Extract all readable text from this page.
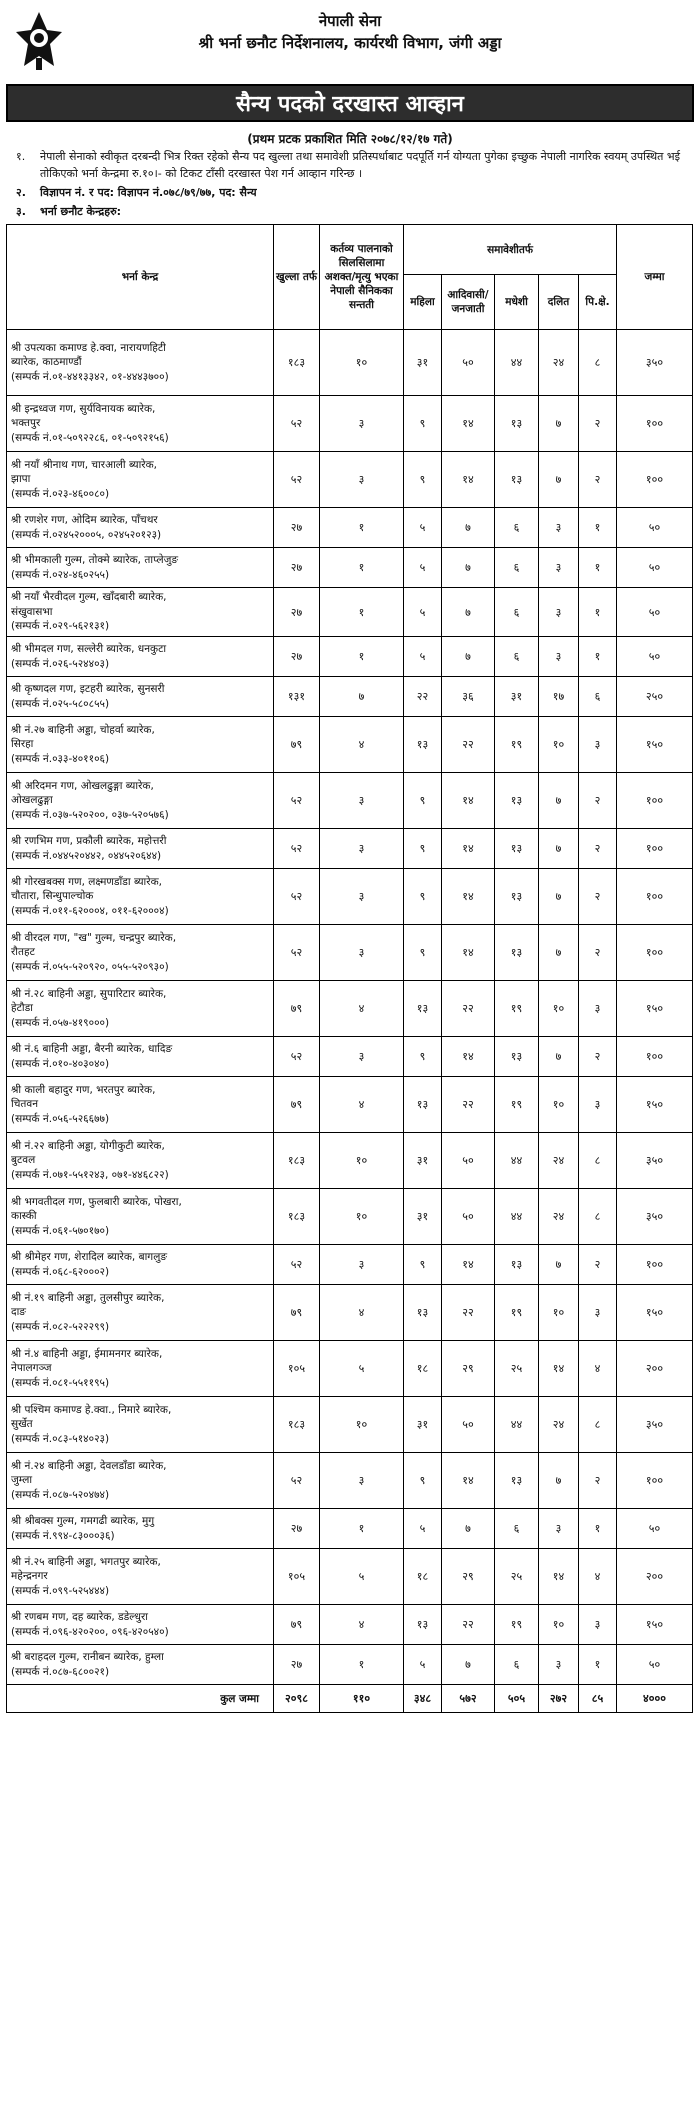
नेपाली सेना
श्री भर्ना छनौट निर्देशनालय, कार्यरथी विभाग, जंगी अड्डा
सैन्य पदको दरखास्त आव्हान
(प्रथम प्रटक प्रकाशित मिति २०७८/१२/१७ गते)
१. नेपाली सेनाको स्वीकृत दरबन्दी भित्र रिक्त रहेको सैन्य पद खुल्ला तथा समावेशी प्रतिस्पर्धाबाट पदपूर्ति गर्न योग्यता पुगेका इच्छुक नेपाली नागरिक स्वयम् उपस्थित भई तोकिएको भर्ना केन्द्रमा रु.१०।- को टिकट टाँसी दरखास्त पेश गर्न आव्हान गरिन्छ ।
२. विज्ञापन नं. र पद: विज्ञापन नं.०७८/७९/७७, पद: सैन्य
३. भर्ना छनौट केन्द्रहरु:
भर्ना केन्द्र	खुल्ला तर्फ	कर्तव्य पालनाको सिलसिलामा अशक्त/मृत्यु भएका नेपाली सैनिकका सन्तती	समावेशीतर्फ					जम्मा
			महिला	आदिवासी/ जनजाती	मधेशी	दलित	पि.क्षे.	

श्री उपत्यका कमाण्ड हे.क्वा, नारायणहिटी
ब्यारेक, काठमाण्डौं
(सम्पर्क नं.०१-४४१३३४२, ०१-४४४३७००)	१८३	१०	३१	५०	४४	२४	८	३५०

श्री इन्द्रध्वज गण, सुर्यविनायक ब्यारेक,
भक्तपुर
(सम्पर्क नं.०१-५०९२२८६, ०१-५०९२१५६)	५२	३	९	१४	१३	७	२	१००

श्री नयाँ श्रीनाथ गण, चारआली ब्यारेक,
झापा
(सम्पर्क नं.०२३-४६००८०)	५२	३	९	१४	१३	७	२	१००

श्री रणशेर गण, ओदिम ब्यारेक, पाँचथर
(सम्पर्क नं.०२४५२०००५, ०२४५२०१२३)	२७	१	५	७	६	३	१	५०

श्री भीमकाली गुल्म, तोक्मे ब्यारेक, ताप्लेजुङ
(सम्पर्क नं.०२४-४६०२५५)	२७	१	५	७	६	३	१	५०

श्री नयाँ भैरवीदल गुल्म, खाँदबारी ब्यारेक,
संखुवासभा
(सम्पर्क नं.०२९-५६२१३१)	२७	१	५	७	६	३	१	५०

श्री भीमदल गण, सल्लेरी ब्यारेक, धनकुटा
(सम्पर्क नं.०२६-५२४४०३)	२७	१	५	७	६	३	१	५०

श्री कृष्णदल गण, इटहरी ब्यारेक, सुनसरी
(सम्पर्क नं.०२५-५८०८५५)	१३१	७	२२	३६	३१	१७	६	२५०

श्री नं.२७ बाहिनी अड्डा, चोहर्वा ब्यारेक,
सिरहा
(सम्पर्क नं.०३३-४०११०६)	७९	४	१३	२२	१९	१०	३	१५०

श्री अरिदमन गण, ओखलढुङ्गा ब्यारेक,
ओखलढुङ्गा
(सम्पर्क नं.०३७-५२०२००, ०३७-५२०५७६)	५२	३	९	१४	१३	७	२	१००

श्री रणभिम गण, प्रकौली ब्यारेक, महोत्तरी
(सम्पर्क नं.०४४५२०४४२, ०४४५२०६४४)	५२	३	९	१४	१३	७	२	१००

श्री गोरखबक्स गण, लक्ष्मणडाँडा ब्यारेक,
चौतारा, सिन्धुपाल्चोक
(सम्पर्क नं.०११-६२०००४, ०११-६२०००४)	५२	३	९	१४	१३	७	२	१००

श्री वीरदल गण, "ख" गुल्म, चन्द्रपुर ब्यारेक,
रौतहट
(सम्पर्क नं.०५५-५२०९२०, ०५५-५२०९३०)	५२	३	९	१४	१३	७	२	१००

श्री नं.२८ बाहिनी अड्डा, सुपारिटार ब्यारेक,
हेटौडा
(सम्पर्क नं.०५७-४१९०००)	७९	४	१३	२२	१९	१०	३	१५०

श्री नं.६ बाहिनी अड्डा, बैरनी ब्यारेक, धादिङ
(सम्पर्क नं.०१०-४०३०४०)	५२	३	९	१४	१३	७	२	१००

श्री काली बहादुर गण, भरतपुर ब्यारेक,
चितवन
(सम्पर्क नं.०५६-५२६६७७)	७९	४	१३	२२	१९	१०	३	१५०

श्री नं.२२ बाहिनी अड्डा, योगीकुटी ब्यारेक,
बुटवल
(सम्पर्क नं.०७१-५५१२४३, ०७१-४४६८२२)	१८३	१०	३१	५०	४४	२४	८	३५०

श्री भगवतीदल गण, फुलबारी ब्यारेक, पोखरा,
कास्की
(सम्पर्क नं.०६१-५७०१७०)	१८३	१०	३१	५०	४४	२४	८	३५०

श्री श्रीमेहर गण, शेरादिल ब्यारेक, बागलुङ
(सम्पर्क नं.०६८-६२०००२)	५२	३	९	१४	१३	७	२	१००

श्री नं.१९ बाहिनी अड्डा, तुलसीपुर ब्यारेक,
दाङ
(सम्पर्क नं.०८२-५२२२९९)	७९	४	१३	२२	१९	१०	३	१५०

श्री नं.४ बाहिनी अड्डा, ईमामनगर ब्यारेक,
नेपालगञ्ज
(सम्पर्क नं.०८१-५५११९५)	१०५	५	१८	२९	२५	१४	४	२००

श्री पश्चिम कमाण्ड हे.क्वा., निमारे ब्यारेक,
सुर्खेत
(सम्पर्क नं.०८३-५१४०२३)	१८३	१०	३१	५०	४४	२४	८	३५०

श्री नं.२४ बाहिनी अड्डा, देवलडाँडा ब्यारेक,
जुम्ला
(सम्पर्क नं.०८७-५२०४७४)	५२	३	९	१४	१३	७	२	१००

श्री श्रीबक्स गुल्म, गमगढी ब्यारेक, मुगु
(सम्पर्क नं.९९४-८३०००३६)	२७	१	५	७	६	३	१	५०

श्री नं.२५ बाहिनी अड्डा, भगतपुर ब्यारेक,
महेन्द्रनगर
(सम्पर्क नं.०९९-५२५४४४)	१०५	५	१८	२९	२५	१४	४	२००

श्री रणबम गण, दह ब्यारेक, डडेल्धुरा
(सम्पर्क नं.०९६-४२०२००, ०९६-४२०५४०)	७९	४	१३	२२	१९	१०	३	१५०

श्री बराहदल गुल्म, रानीबन ब्यारेक, हुम्ला
(सम्पर्क नं.०८७-६८००२१)	२७	१	५	७	६	३	१	५०
कुल जम्मा	२०९८	११०	३४८	५७२	५०५	२७२	८५	४०००
